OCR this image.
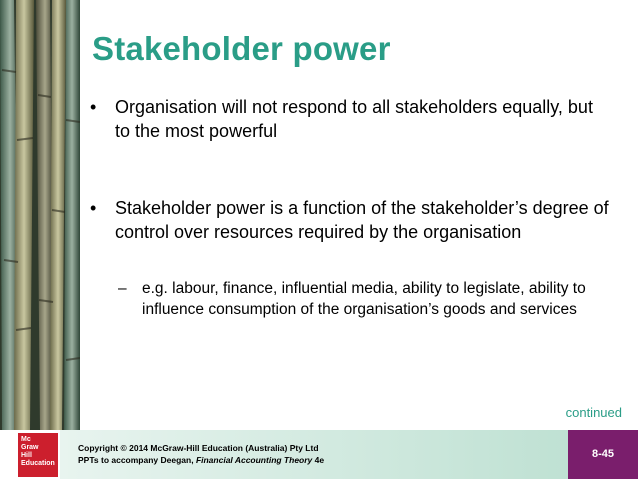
Stakeholder power
• Organisation will not respond to all stakeholders equally, but to the most powerful
• Stakeholder power is a function of the stakeholder’s degree of control over resources required by the organisation
– e.g. labour, finance, influential media, ability to legislate, ability to influence consumption of the organisation’s goods and services
continued
Mc
Graw
Hill
Education
Copyright © 2014 McGraw-Hill Education (Australia) Pty Ltd
PPTs to accompany Deegan, Financial Accounting Theory 4e	8-45
